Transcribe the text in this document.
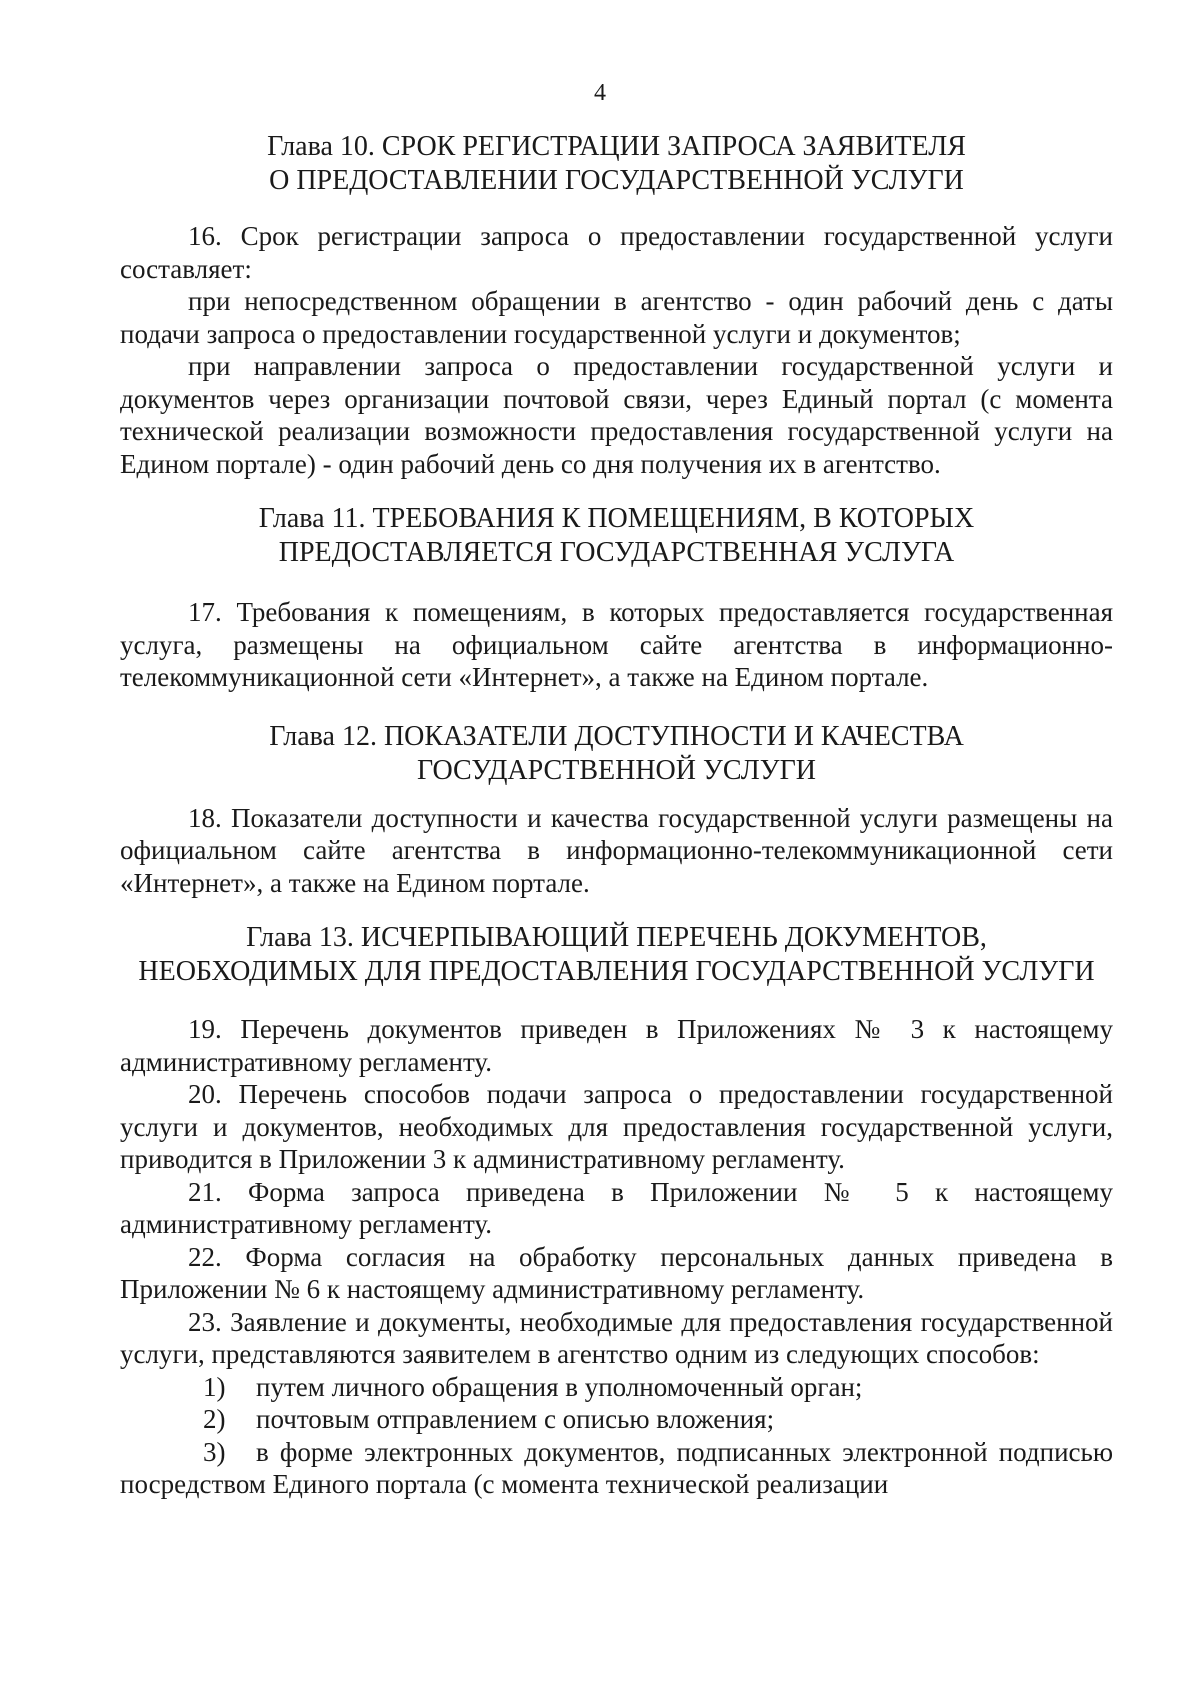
4
Глава 10. СРОК РЕГИСТРАЦИИ ЗАПРОСА ЗАЯВИТЕЛЯ
О ПРЕДОСТАВЛЕНИИ ГОСУДАРСТВЕННОЙ УСЛУГИ

16. Срок регистрации запроса о предоставлении государственной услуги составляет:

при непосредственном обращении в агентство - один рабочий день с даты подачи запроса о предоставлении государственной услуги и документов;

при направлении запроса о предоставлении государственной услуги и документов через организации почтовой связи, через Единый портал (с момента технической реализации возможности предоставления государственной услуги на Едином портале) - один рабочий день со дня получения их в агентство.

Глава 11. ТРЕБОВАНИЯ К ПОМЕЩЕНИЯМ, В КОТОРЫХ
ПРЕДОСТАВЛЯЕТСЯ ГОСУДАРСТВЕННАЯ УСЛУГА

17. Требования к помещениям, в которых предоставляется государственная услуга, размещены на официальном сайте агентства в информационно-телекоммуникационной сети «Интернет», а также на Едином портале.

Глава 12. ПОКАЗАТЕЛИ ДОСТУПНОСТИ И КАЧЕСТВА
ГОСУДАРСТВЕННОЙ УСЛУГИ

18. Показатели доступности и качества государственной услуги размещены на официальном сайте агентства в информационно-телекоммуникационной сети «Интернет», а также на Едином портале.

Глава 13. ИСЧЕРПЫВАЮЩИЙ ПЕРЕЧЕНЬ ДОКУМЕНТОВ,
НЕОБХОДИМЫХ ДЛЯ ПРЕДОСТАВЛЕНИЯ ГОСУДАРСТВЕННОЙ УСЛУГИ

19. Перечень документов приведен в Приложениях № 3 к настоящему административному регламенту.

20. Перечень способов подачи запроса о предоставлении государственной услуги и документов, необходимых для предоставления государственной услуги, приводится в Приложении 3 к административному регламенту.

21. Форма запроса приведена в Приложении № 5 к настоящему административному регламенту.

22. Форма согласия на обработку персональных данных приведена в Приложении № 6 к настоящему административному регламенту.

23. Заявление и документы, необходимые для предоставления государственной услуги, представляются заявителем в агентство одним из следующих способов:

1)	путем личного обращения в уполномоченный орган;
2)	почтовым отправлением с описью вложения;
3) в форме электронных документов, подписанных электронной подписью посредством Единого портала (с момента технической реализации
